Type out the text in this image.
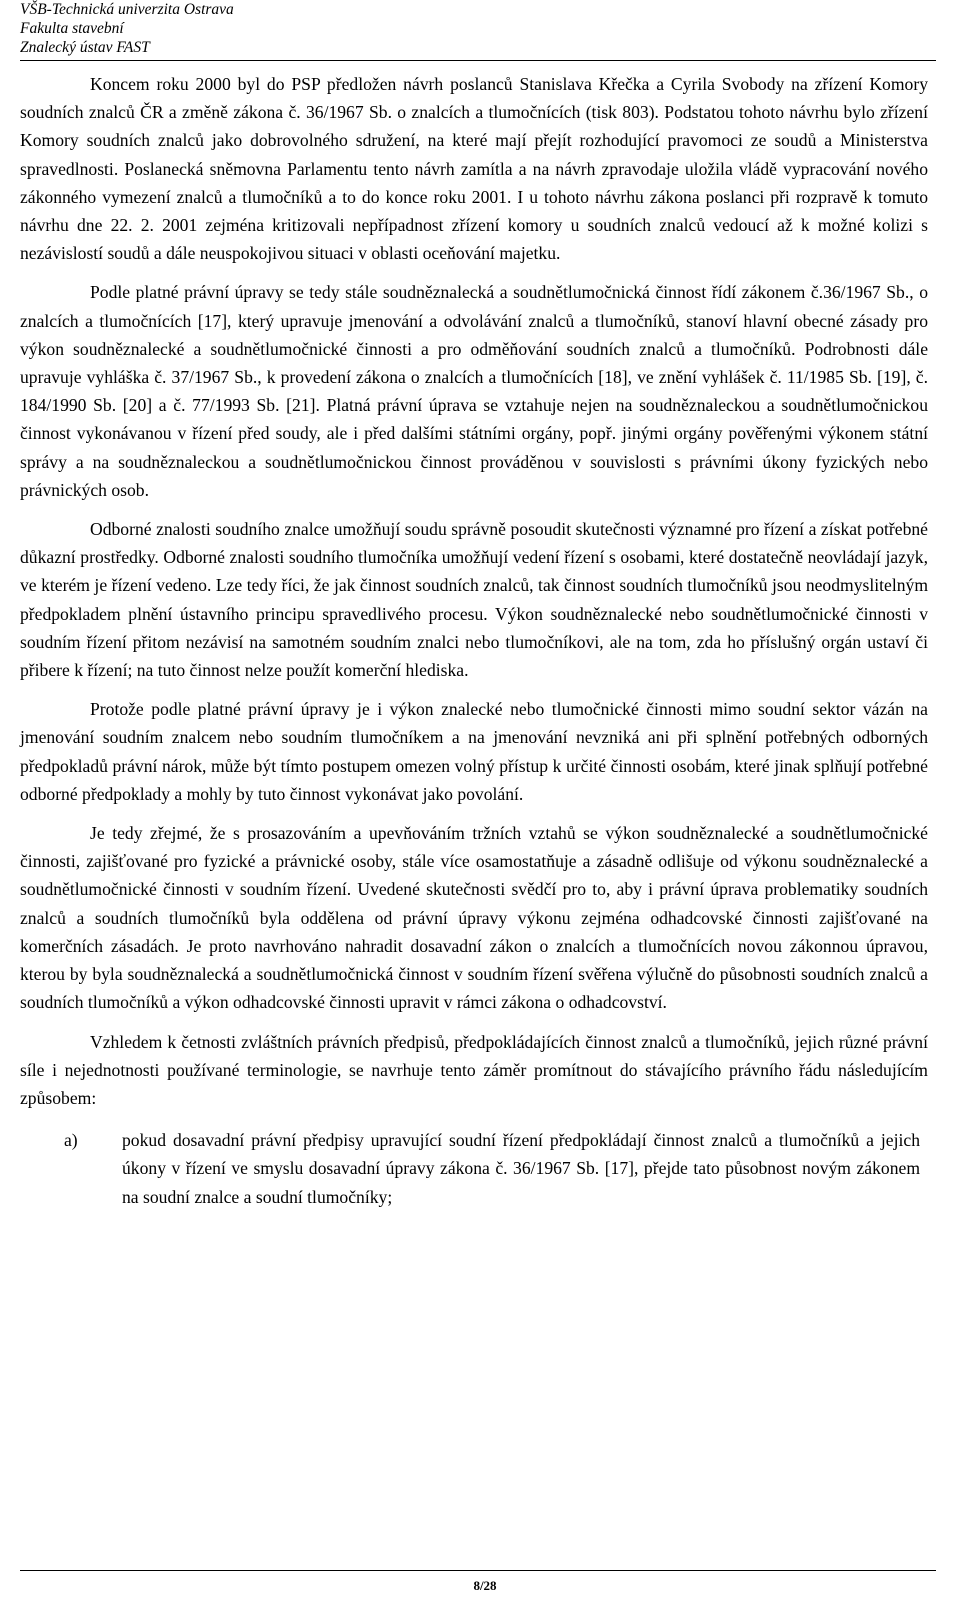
VŠB-Technická univerzita Ostrava
Fakulta stavební
Znalecký ústav FAST

Koncem roku 2000 byl do PSP předložen návrh poslanců Stanislava Křečka a Cyrila Svobody na zřízení Komory soudních znalců ČR a změně zákona č. 36/1967 Sb. o znalcích a tlumočnících (tisk 803). Podstatou tohoto návrhu bylo zřízení Komory soudních znalců jako dobrovolného sdružení, na které mají přejít rozhodující pravomoci ze soudů a Ministerstva spravedlnosti. Poslanecká sněmovna Parlamentu tento návrh zamítla a na návrh zpravodaje uložila vládě vypracování nového zákonného vymezení znalců a tlumočníků a to do konce roku 2001. I u tohoto návrhu zákona poslanci při rozpravě k tomuto návrhu dne 22. 2. 2001 zejména kritizovali nepřípadnost zřízení komory u soudních znalců vedoucí až k možné kolizi s nezávislostí soudů a dále neuspokojivou situaci v oblasti oceňování majetku.

Podle platné právní úpravy se tedy stále soudněznalecká a soudnětlumočnická činnost řídí zákonem č.36/1967 Sb., o znalcích a tlumočnících [17], který upravuje jmenování a odvolávání znalců a tlumočníků, stanoví hlavní obecné zásady pro výkon soudněznalecké a soudnětlumočnické činnosti a pro odměňování soudních znalců a tlumočníků. Podrobnosti dále upravuje vyhláška č. 37/1967 Sb., k provedení zákona o znalcích a tlumočnících [18], ve znění vyhlášek č. 11/1985 Sb. [19], č. 184/1990 Sb. [20] a č. 77/1993 Sb. [21]. Platná právní úprava se vztahuje nejen na soudněznaleckou a soudnětlumočnickou činnost vykonávanou v řízení před soudy, ale i před dalšími státními orgány, popř. jinými orgány pověřenými výkonem státní správy a na soudněznaleckou a soudnětlumočnickou činnost prováděnou v souvislosti s právními úkony fyzických nebo právnických osob.

Odborné znalosti soudního znalce umožňují soudu správně posoudit skutečnosti významné pro řízení a získat potřebné důkazní prostředky. Odborné znalosti soudního tlumočníka umožňují vedení řízení s osobami, které dostatečně neovládají jazyk, ve kterém je řízení vedeno. Lze tedy říci, že jak činnost soudních znalců, tak činnost soudních tlumočníků jsou neodmyslitelným předpokladem plnění ústavního principu spravedlivého procesu. Výkon soudněznalecké nebo soudnětlumočnické činnosti v soudním řízení přitom nezávisí na samotném soudním znalci nebo tlumočníkovi, ale na tom, zda ho příslušný orgán ustaví či přibere k řízení; na tuto činnost nelze použít komerční hlediska.

Protože podle platné právní úpravy je i výkon znalecké nebo tlumočnické činnosti mimo soudní sektor vázán na jmenování soudním znalcem nebo soudním tlumočníkem a na jmenování nevzniká ani při splnění potřebných odborných předpokladů právní nárok, může být tímto postupem omezen volný přístup k určité činnosti osobám, které jinak splňují potřebné odborné předpoklady a mohly by tuto činnost vykonávat jako povolání.

Je tedy zřejmé, že s prosazováním a upevňováním tržních vztahů se výkon soudněznalecké a soudnětlumočnické činnosti, zajišťované pro fyzické a právnické osoby, stále více osamostatňuje a zásadně odlišuje od výkonu soudněznalecké a soudnětlumočnické činnosti v soudním řízení. Uvedené skutečnosti svědčí pro to, aby i právní úprava problematiky soudních znalců a soudních tlumočníků byla oddělena od právní úpravy výkonu zejména odhadcovské činnosti zajišťované na komerčních zásadách. Je proto navrhováno nahradit dosavadní zákon o znalcích a tlumočnících novou zákonnou úpravou, kterou by byla soudněznalecká a soudnětlumočnická činnost v soudním řízení svěřena výlučně do působnosti soudních znalců a soudních tlumočníků a výkon odhadcovské činnosti upravit v rámci zákona o odhadcovství.

Vzhledem k četnosti zvláštních právních předpisů, předpokládajících činnost znalců a tlumočníků, jejich různé právní síle i nejednotnosti používané terminologie, se navrhuje tento záměr promítnout do stávajícího právního řádu následujícím způsobem:

a)	pokud dosavadní právní předpisy upravující soudní řízení předpokládají činnost znalců a tlumočníků a jejich úkony v řízení ve smyslu dosavadní úpravy zákona č. 36/1967 Sb. [17], přejde tato působnost novým zákonem na soudní znalce a soudní tlumočníky;

8/28
